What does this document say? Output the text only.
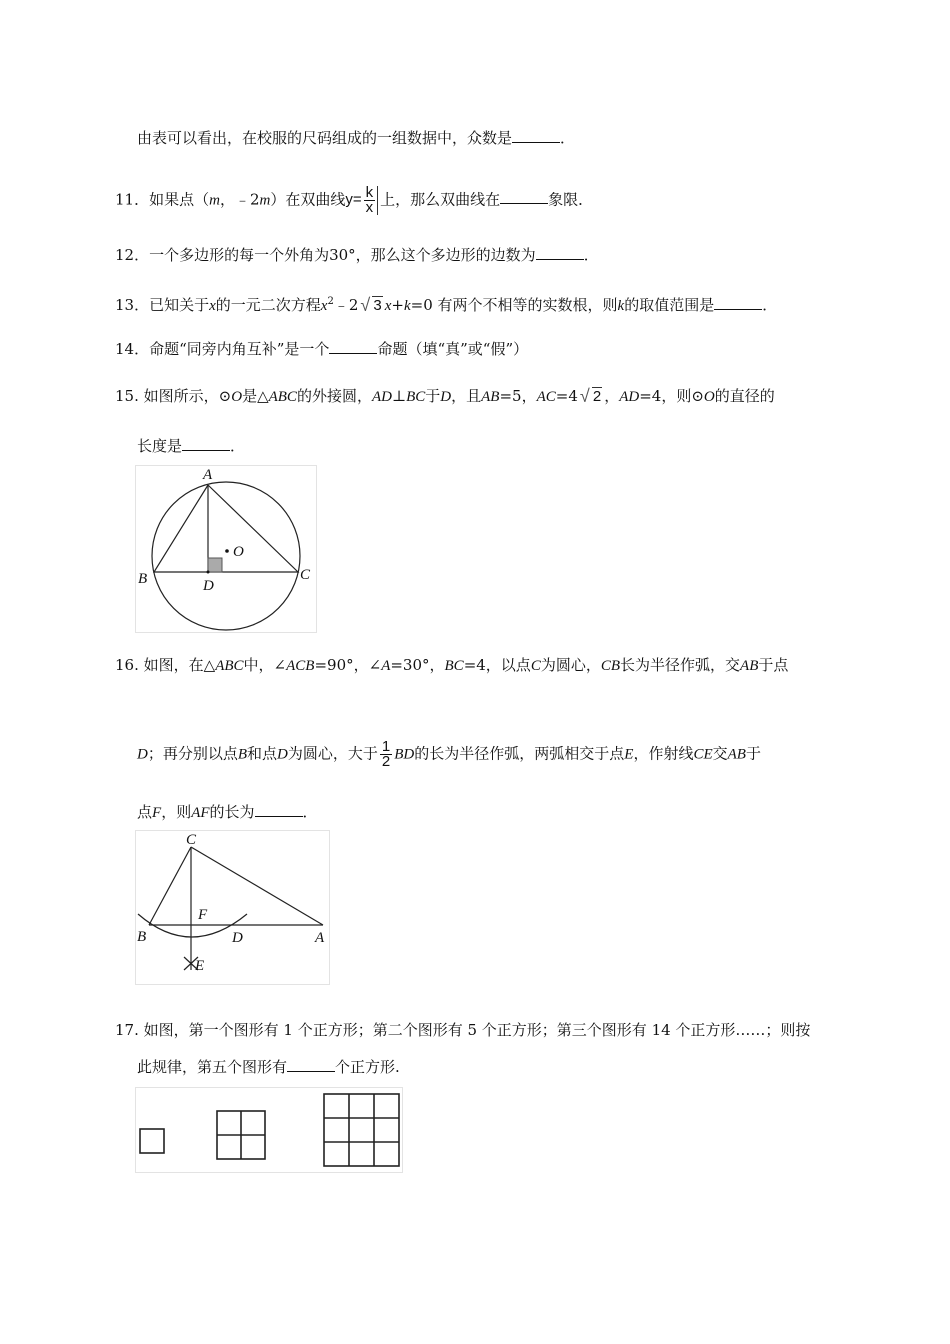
由表可以看出，在校服的尺码组成的一组数据中，众数是	．
11．如果点（m，﹣2m）在双曲线$y= \frac{k}{x}$ 上，那么双曲线在	象限．
12．一个多边形的每一个外角为30°，那么这个多边形的边数为	．
13．已知关于x的一元二次方程$x^2﹣2$ √ 3 x+k=0 有两个不相等的实数根，则k的取值范围是	．
14．命题“同旁内角互补”是一个	命题（填“真”或“假”）
15. 如图所示，⊙O是△ABC的外接圆，AD⊥BC于D，且AB=5，AC=4 √ 2 ，AD=4，则⊙O的直径的
长度是	．
A
B	C
D
O
16. 如图，在△ABC中，∠ACB=90°，∠A=30°，BC=4，以点C为圆心，CB长为半径作弧，交AB于点
D；再分别以点B和点D为圆心，大于 $\frac{1}{2}$ BD的长为半径作弧，两弧相交于点E，作射线CE交AB于
点F，则AF的长为	．
C
F
B	D	A
E
17. 如图，第一个图形有 1 个正方形；第二个图形有 5 个正方形；第三个图形有 14 个正方形……；则按
此规律，第五个图形有	个正方形.
